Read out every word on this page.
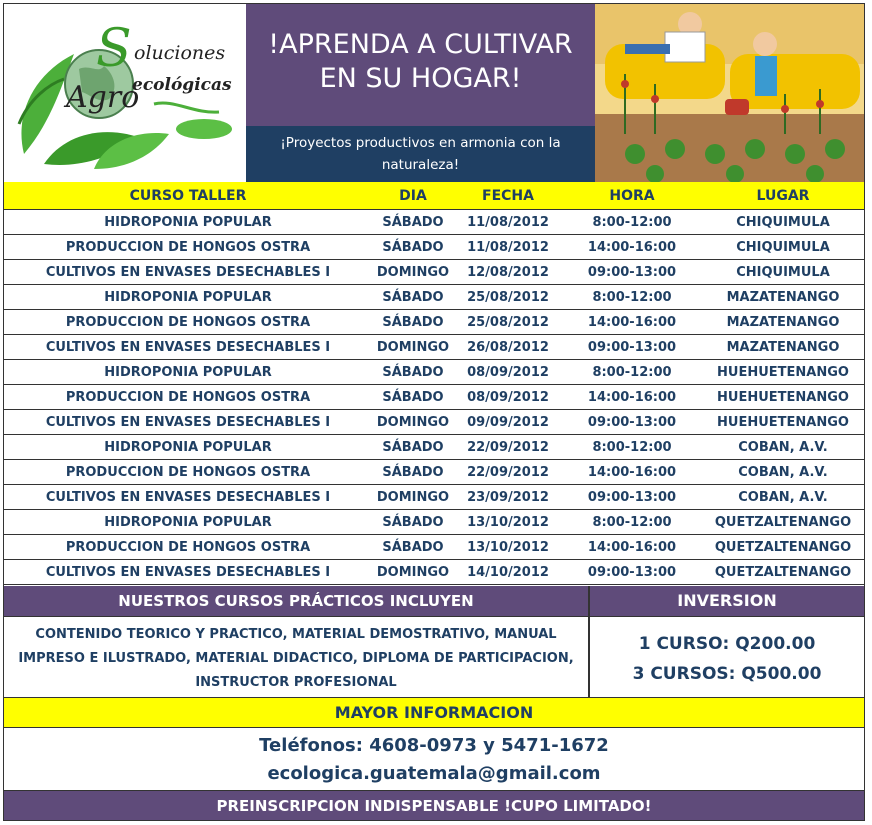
S oluciones
Agro
ecológicas
!APRENDA A CULTIVAR
EN SU HOGAR!
¡Proyectos productivos en armonia con la naturaleza!
CURSO TALLER	DIA	FECHA	HORA	LUGAR
HIDROPONIA POPULAR	SÁBADO	11/08/2012	8:00-12:00	CHIQUIMULA
PRODUCCION DE HONGOS OSTRA	SÁBADO	11/08/2012	14:00-16:00	CHIQUIMULA
CULTIVOS EN ENVASES DESECHABLES I	DOMINGO	12/08/2012	09:00-13:00	CHIQUIMULA
HIDROPONIA POPULAR	SÁBADO	25/08/2012	8:00-12:00	MAZATENANGO
PRODUCCION DE HONGOS OSTRA	SÁBADO	25/08/2012	14:00-16:00	MAZATENANGO
CULTIVOS EN ENVASES DESECHABLES I	DOMINGO	26/08/2012	09:00-13:00	MAZATENANGO
HIDROPONIA POPULAR	SÁBADO	08/09/2012	8:00-12:00	HUEHUETENANGO
PRODUCCION DE HONGOS OSTRA	SÁBADO	08/09/2012	14:00-16:00	HUEHUETENANGO
CULTIVOS EN ENVASES DESECHABLES I	DOMINGO	09/09/2012	09:00-13:00	HUEHUETENANGO
HIDROPONIA POPULAR	SÁBADO	22/09/2012	8:00-12:00	COBAN, A.V.
PRODUCCION DE HONGOS OSTRA	SÁBADO	22/09/2012	14:00-16:00	COBAN, A.V.
CULTIVOS EN ENVASES DESECHABLES I	DOMINGO	23/09/2012	09:00-13:00	COBAN, A.V.
HIDROPONIA POPULAR	SÁBADO	13/10/2012	8:00-12:00	QUETZALTENANGO
PRODUCCION DE HONGOS OSTRA	SÁBADO	13/10/2012	14:00-16:00	QUETZALTENANGO
CULTIVOS EN ENVASES DESECHABLES I	DOMINGO	14/10/2012	09:00-13:00	QUETZALTENANGO
NUESTROS CURSOS PRÁCTICOS INCLUYEN	INVERSION
CONTENIDO TEORICO Y PRACTICO, MATERIAL DEMOSTRATIVO, MANUAL IMPRESO E ILUSTRADO, MATERIAL DIDACTICO, DIPLOMA DE PARTICIPACION, INSTRUCTOR PROFESIONAL
1 CURSO: Q200.00
3 CURSOS: Q500.00
MAYOR INFORMACION
Teléfonos: 4608-0973 y 5471-1672
ecologica.guatemala@gmail.com
PREINSCRIPCION INDISPENSABLE !CUPO LIMITADO!
